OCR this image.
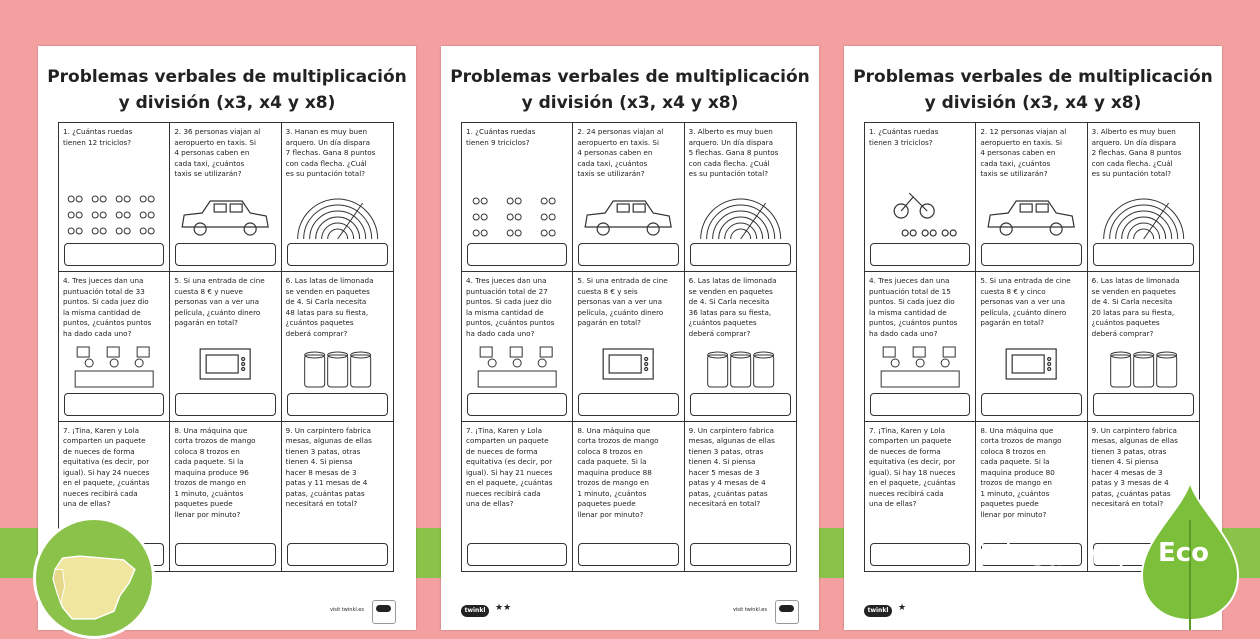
Problemas verbales de multiplicación
y división (x3, x4 y x8)
1. ¿Cuántas ruedas
tienen 12 triciclos?
2. 36 personas viajan al
aeropuerto en taxis. Si
4 personas caben en
cada taxi, ¿cuántos
taxis se utilizarán?
3. Hanan es muy buen
arquero. Un día dispara
7 flechas. Gana 8 puntos
con cada flecha. ¿Cuál
es su puntación total?
4. Tres jueces dan una
puntuación total de 33
puntos. Si cada juez dio
la misma cantidad de
puntos, ¿cuántos puntos
ha dado cada uno?
5. Si una entrada de cine
cuesta 8 € y nueve
personas van a ver una
película, ¿cuánto dinero
pagarán en total?
6. Las latas de limonada
se venden en paquetes
de 4. Si Carla necesita
48 latas para su fiesta,
¿cuántos paquetes
deberá comprar?
7. ¡Tina, Karen y Lola
comparten un paquete
de nueces de forma
equitativa (es decir, por
igual). Si hay 24 nueces
en el paquete, ¿cuántas
nueces recibirá cada
una de ellas?
8. Una máquina que
corta trozos de mango
coloca 8 trozos en
cada paquete. Si la
maquina produce 96
trozos de mango en
1 minuto, ¿cuántos
paquetes puede
llenar por minuto?
9. Un carpintero fabrica
mesas, algunas de ellas
tienen 3 patas, otras
tienen 4. Si piensa
hacer 8 mesas de 3
patas y 11 mesas de 4
patas, ¿cuántas patas
necesitará en total?
visit twinkl.es
Problemas verbales de multiplicación
y división (x3, x4 y x8)
1. ¿Cuántas ruedas
tienen 9 triciclos?
2. 24 personas viajan al
aeropuerto en taxis. Si
4 personas caben en
cada taxi, ¿cuántos
taxis se utilizarán?
3. Alberto es muy buen
arquero. Un día dispara
5 flechas. Gana 8 puntos
con cada flecha. ¿Cuál
es su puntación total?
4. Tres jueces dan una
puntuación total de 27
puntos. Si cada juez dio
la misma cantidad de
puntos, ¿cuántos puntos
ha dado cada uno?
5. Si una entrada de cine
cuesta 8 € y seis
personas van a ver una
película, ¿cuánto dinero
pagarán en total?
6. Las latas de limonada
se venden en paquetes
de 4. Si Carla necesita
36 latas para su fiesta,
¿cuántos paquetes
deberá comprar?
7. ¡Tina, Karen y Lola
comparten un paquete
de nueces de forma
equitativa (es decir, por
igual). Si hay 21 nueces
en el paquete, ¿cuántas
nueces recibirá cada
una de ellas?
8. Una máquina que
corta trozos de mango
coloca 8 trozos en
cada paquete. Si la
maquina produce 88
trozos de mango en
1 minuto, ¿cuántos
paquetes puede
llenar por minuto?
9. Un carpintero fabrica
mesas, algunas de ellas
tienen 3 patas, otras
tienen 4. Si piensa
hacer 5 mesas de 3
patas y 4 mesas de 4
patas, ¿cuántas patas
necesitará en total?
twinkl	★★	visit twinkl.es
Problemas verbales de multiplicación
y división (x3, x4 y x8)
1. ¿Cuántas ruedas
tienen 3 triciclos?
2. 12 personas viajan al
aeropuerto en taxis. Si
4 personas caben en
cada taxi, ¿cuántos
taxis se utilizarán?
3. Alberto es muy buen
arquero. Un día dispara
2 flechas. Gana 8 puntos
con cada flecha. ¿Cuál
es su puntación total?
4. Tres jueces dan una
puntuación total de 15
puntos. Si cada juez dio
la misma cantidad de
puntos, ¿cuántos puntos
ha dado cada uno?
5. Si una entrada de cine
cuesta 8 € y cinco
personas van a ver una
película, ¿cuánto dinero
pagarán en total?
6. Las latas de limonada
se venden en paquetes
de 4. Si Carla necesita
20 latas para su fiesta,
¿cuántos paquetes
deberá comprar?
7. ¡Tina, Karen y Lola
comparten un paquete
de nueces de forma
equitativa (es decir, por
igual). Si hay 18 nueces
en el paquete, ¿cuántas
nueces recibirá cada
una de ellas?
8. Una máquina que
corta trozos de mango
coloca 8 trozos en
cada paquete. Si la
maquina produce 80
trozos de mango en
1 minuto, ¿cuántos
paquetes puede
llenar por minuto?
9. Un carpintero fabrica
mesas, algunas de ellas
tienen 3 patas, otras
tienen 4. Si piensa
hacer 4 mesas de 3
patas y 3 mesas de 4
patas, ¿cuántas patas
necesitará en total?
twinkl	★
ink saving Eco
